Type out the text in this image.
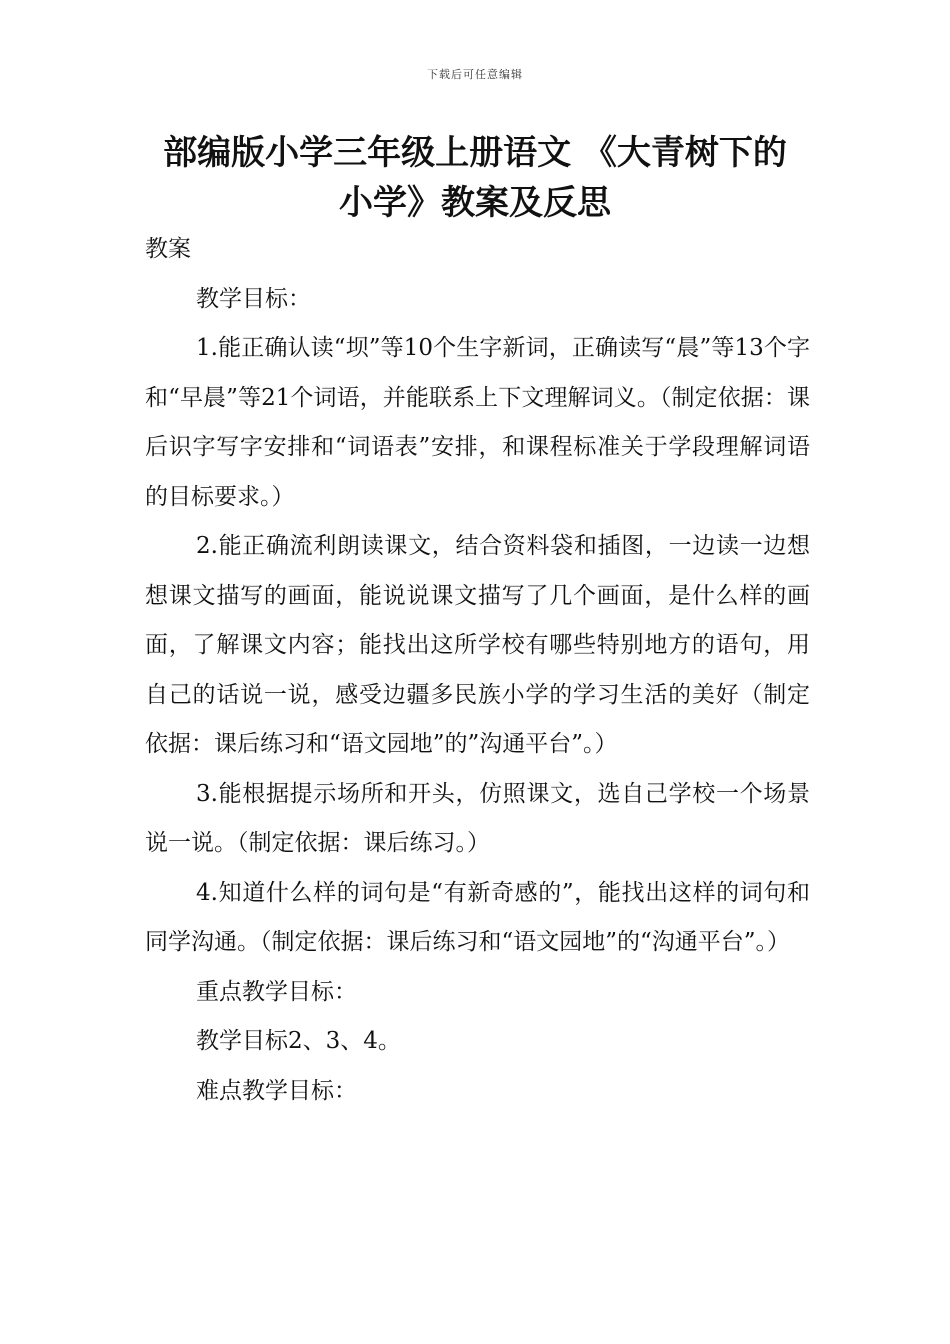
下载后可任意编辑
部编版小学三年级上册语文 《大青树下的
小学》教案及反思

教案

教学目标：

1.能正确认读“坝”等10个生字新词，正确读写“晨”等13个字和“早晨”等21个词语，并能联系上下文理解词义。（制定依据：课后识字写字安排和“词语表”安排，和课程标准关于学段理解词语的目标要求。）

2.能正确流利朗读课文，结合资料袋和插图，一边读一边想想课文描写的画面，能说说课文描写了几个画面，是什么样的画面，了解课文内容；能找出这所学校有哪些特别地方的语句，用自己的话说一说，感受边疆多民族小学的学习生活的美好（制定依据：课后练习和“语文园地”的”沟通平台”。）

3.能根据提示场所和开头，仿照课文，选自己学校一个场景说一说。（制定依据：课后练习。）

4.知道什么样的词句是“有新奇感的”，能找出这样的词句和同学沟通。（制定依据：课后练习和“语文园地”的“沟通平台”。）

重点教学目标：

教学目标2、3、4。

难点教学目标：
